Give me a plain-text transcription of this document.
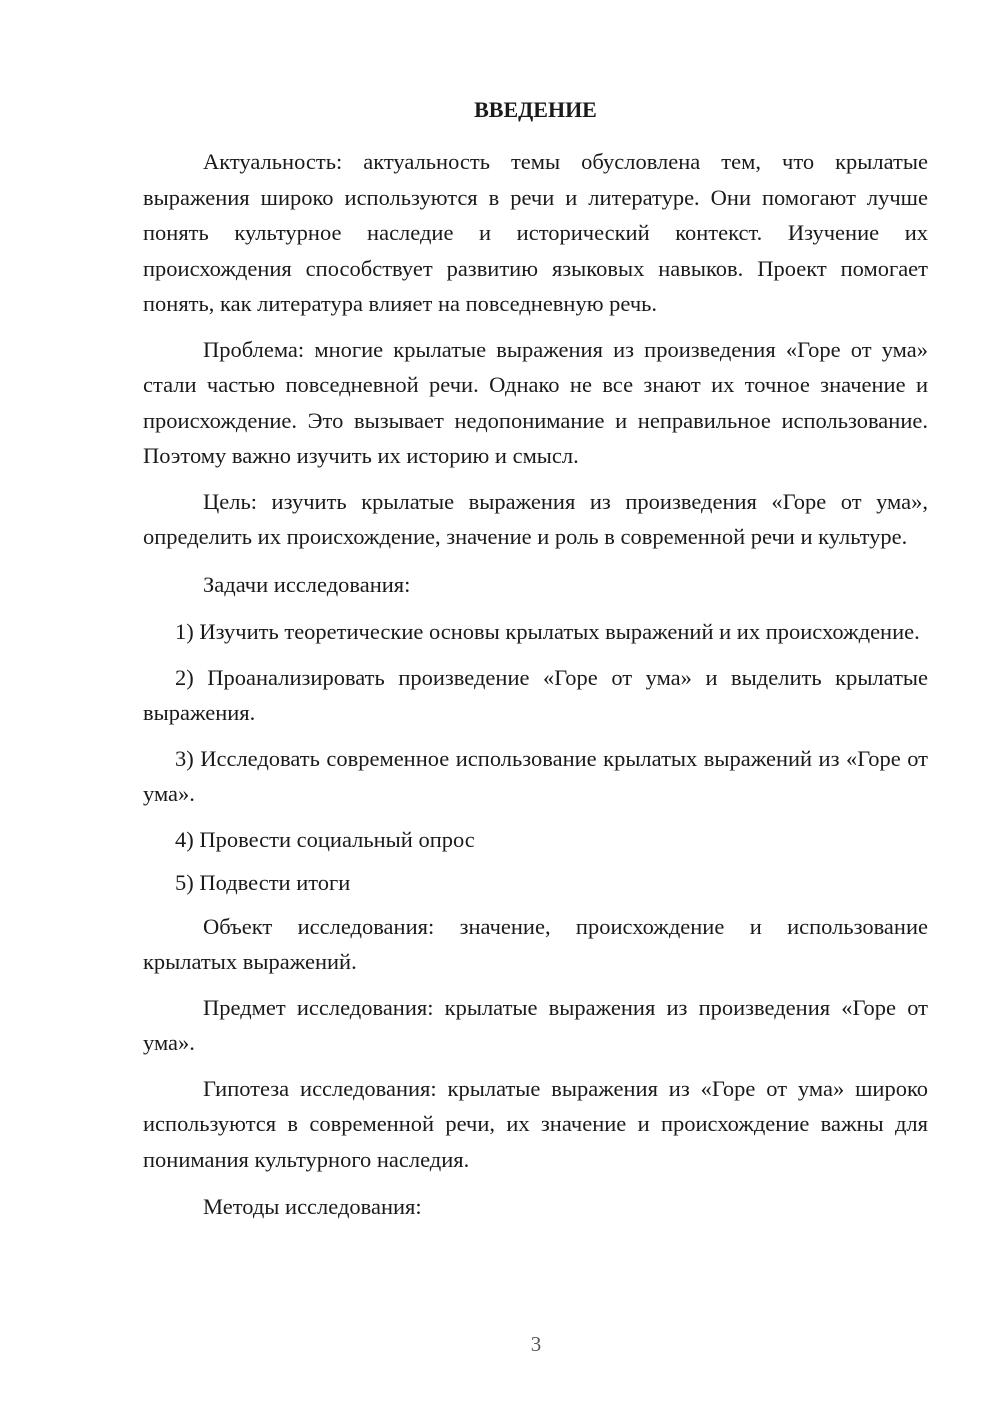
ВВЕДЕНИЕ

Актуальность: актуальность темы обусловлена тем, что крылатые выражения широко используются в речи и литературе. Они помогают лучше понять культурное наследие и исторический контекст. Изучение их происхождения способствует развитию языковых навыков. Проект помогает понять, как литература влияет на повседневную речь.

Проблема: многие крылатые выражения из произведения «Горе от ума» стали частью повседневной речи. Однако не все знают их точное значение и происхождение. Это вызывает недопонимание и неправильное использование. Поэтому важно изучить их историю и смысл.

Цель: изучить крылатые выражения из произведения «Горе от ума», определить их происхождение, значение и роль в современной речи и культуре.

Задачи исследования:

1) Изучить теоретические основы крылатых выражений и их происхождение.

2) Проанализировать произведение «Горе от ума» и выделить крылатые выражения.

3) Исследовать современное использование крылатых выражений из «Горе от ума».

4) Провести социальный опрос

5) Подвести итоги

Объект исследования: значение, происхождение и использование крылатых выражений.

Предмет исследования: крылатые выражения из произведения «Горе от ума».

Гипотеза исследования: крылатые выражения из «Горе от ума» широко используются в современной речи, их значение и происхождение важны для понимания культурного наследия.

Методы исследования:

3
